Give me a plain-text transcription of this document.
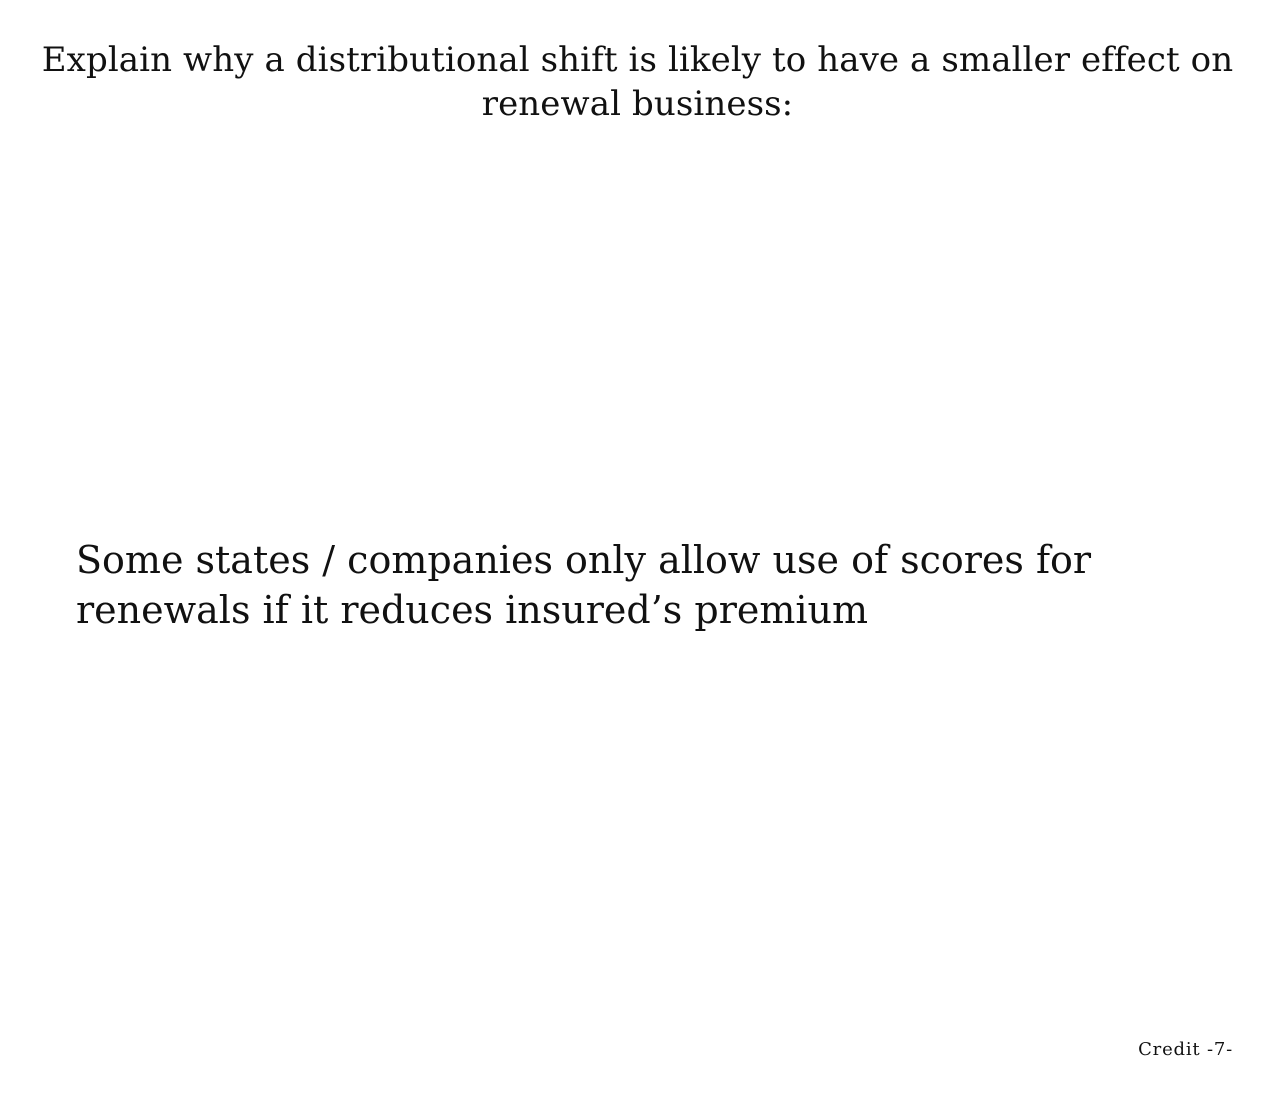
Explain why a distributional shift is likely to have a smaller effect on renewal business:
Some states / companies only allow use of scores for renewals if it reduces insured’s premium
Credit -7-
